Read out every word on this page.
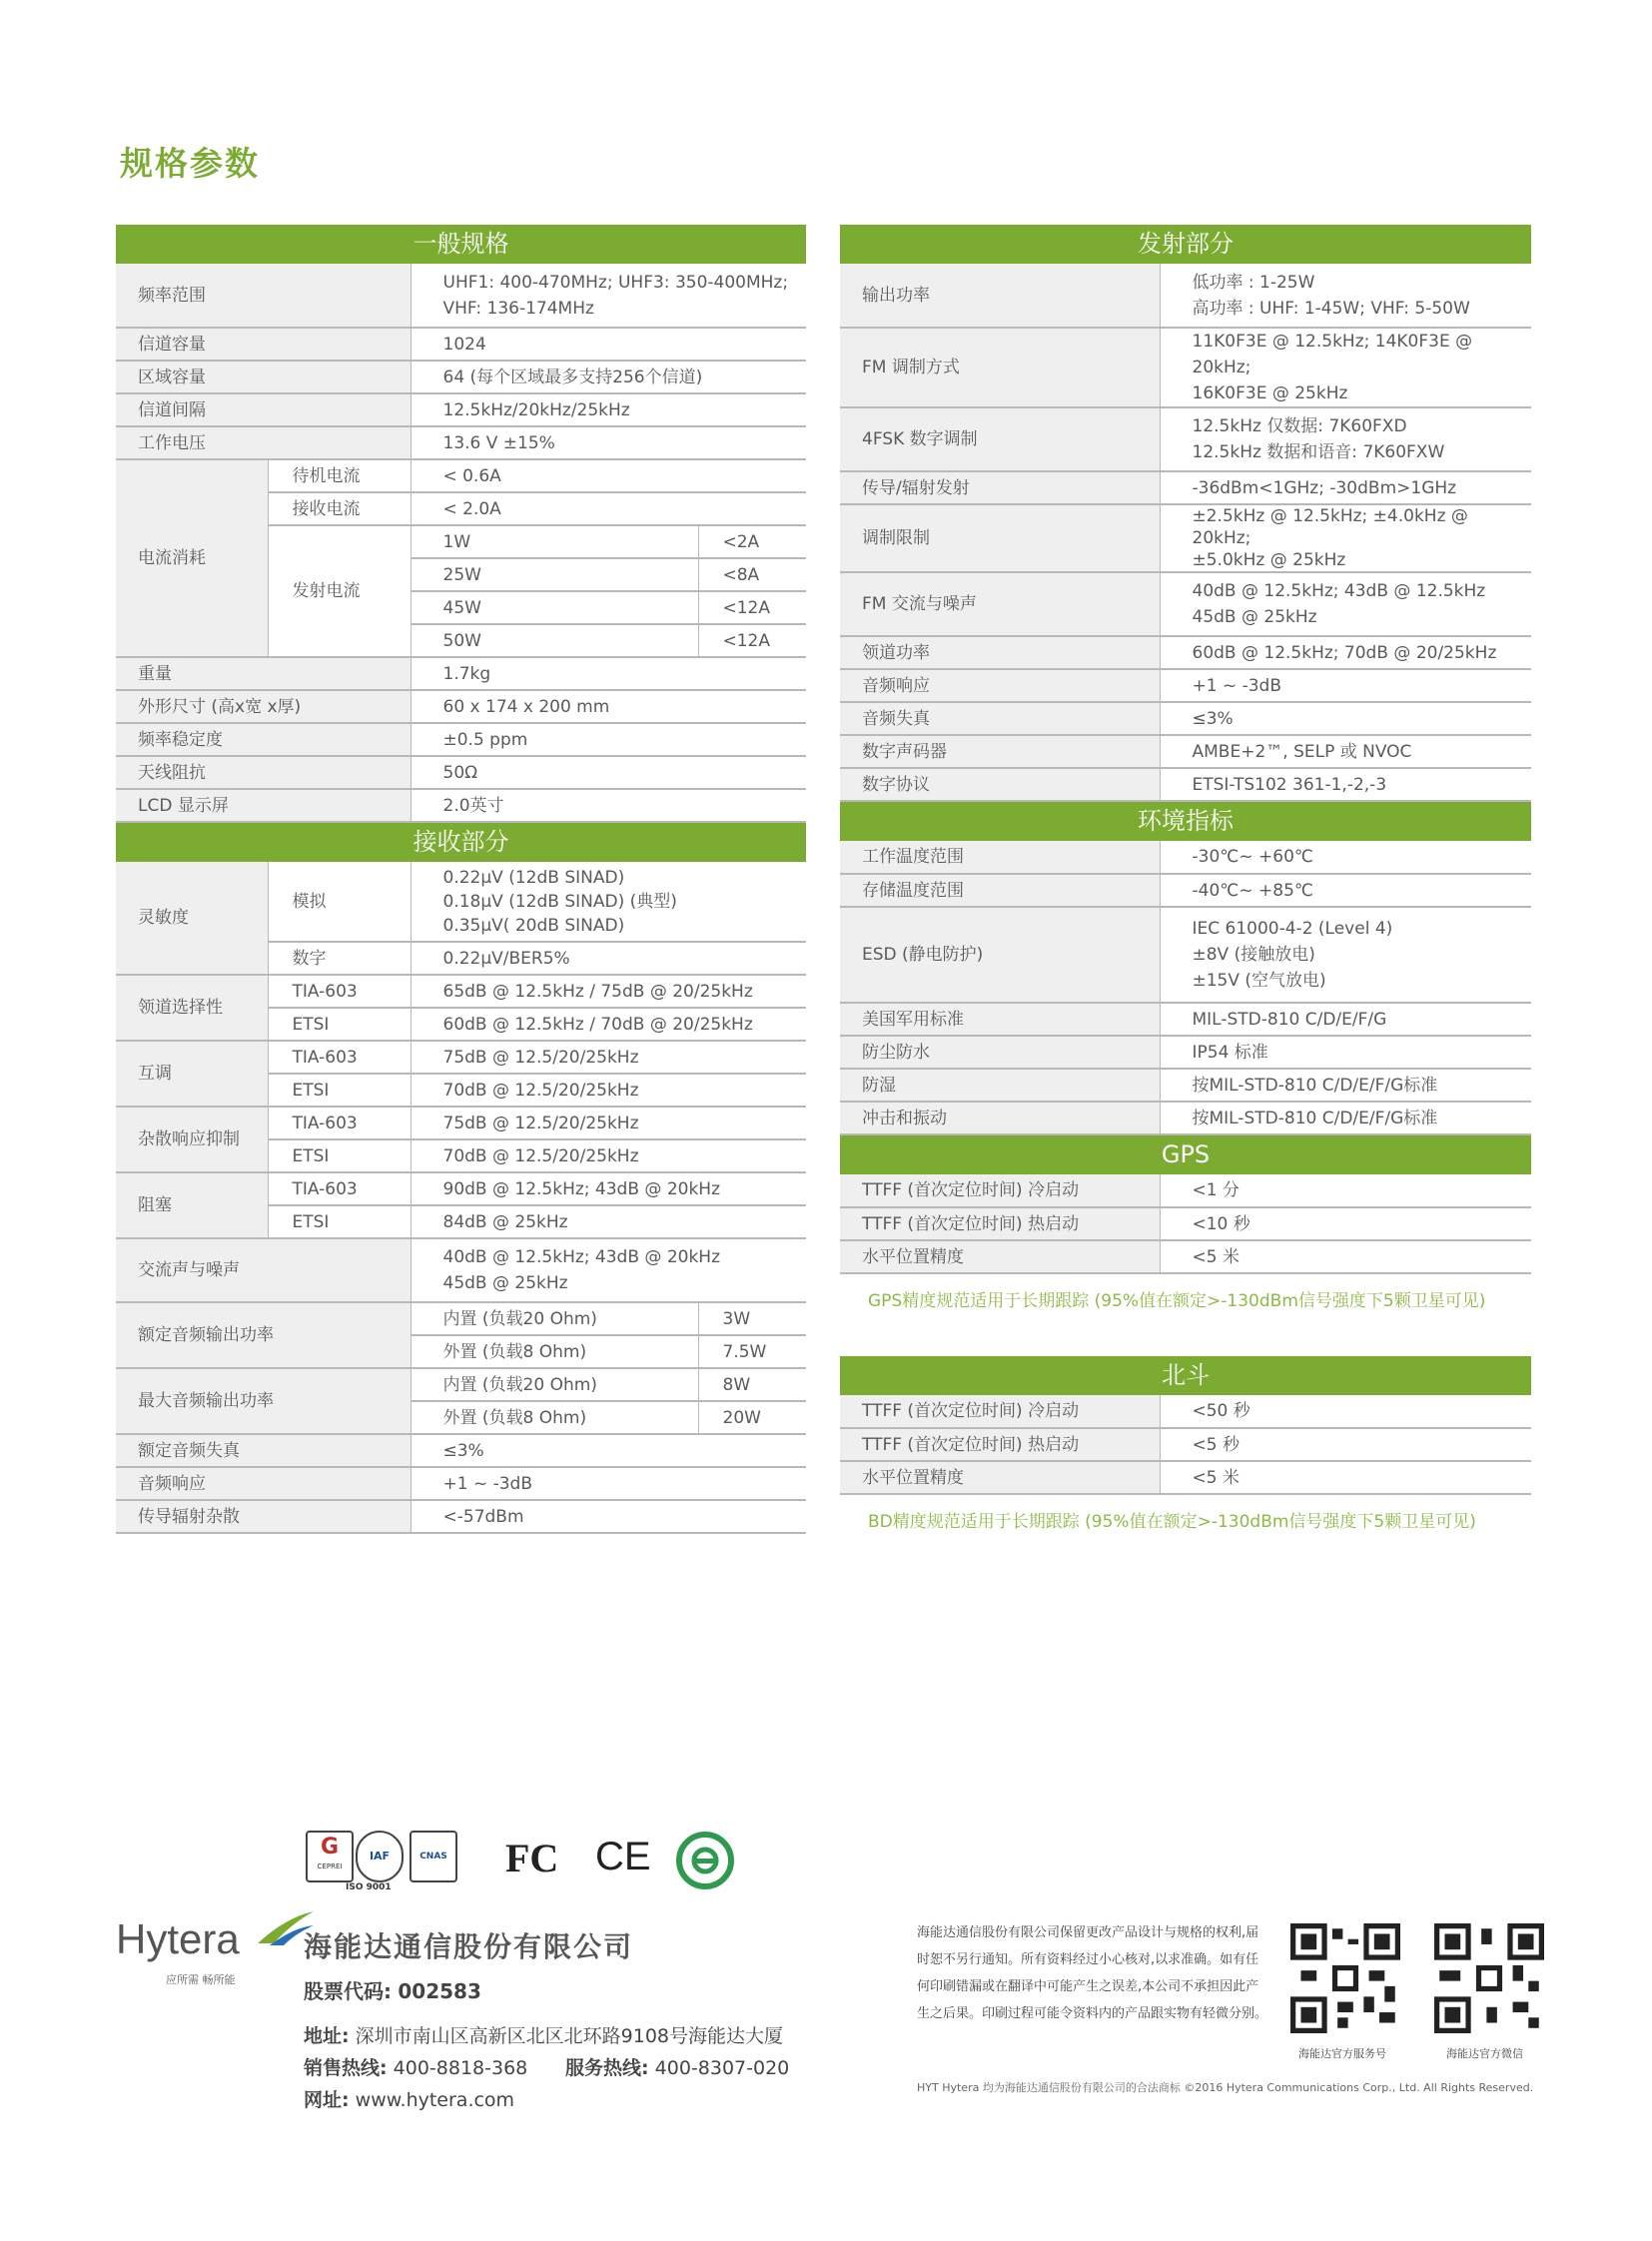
规格参数
一般规格			
频率范围		UHF1: 400-470MHz; UHF3: 350-400MHz;
VHF: 136-174MHz	

信道容量		1024	
区域容量		64 (每个区域最多支持256个信道)	
信道间隔		12.5kHz/20kHz/25kHz	
工作电压		13.6 V ±15%	
电流消耗	待机电流	< 0.6A	
	接收电流	< 2.0A	
	发射电流	1W	<2A
		25W	<8A
		45W	<12A
		50W	<12A
重量		1.7kg	
外形尺寸 (高x宽 x厚)		60 x 174 x 200 mm	
频率稳定度		±0.5 ppm	
天线阻抗		50Ω	
LCD 显示屏		2.0英寸	
接收部分			
灵敏度	模拟	0.22μV (12dB SINAD)
0.18μV (12dB SINAD) (典型)
0.35μV( 20dB SINAD)	

	数字	0.22μV/BER5%	
领道选择性	TIA-603	65dB @ 12.5kHz / 75dB @ 20/25kHz	
	ETSI	60dB @ 12.5kHz / 70dB @ 20/25kHz	
互调	TIA-603	75dB @ 12.5/20/25kHz	
	ETSI	70dB @ 12.5/20/25kHz	
杂散响应抑制	TIA-603	75dB @ 12.5/20/25kHz	
	ETSI	70dB @ 12.5/20/25kHz	
阻塞	TIA-603	90dB @ 12.5kHz; 43dB @ 20kHz	
	ETSI	84dB @ 25kHz	
交流声与噪声		40dB @ 12.5kHz; 43dB @ 20kHz
45dB @ 25kHz	

额定音频输出功率		内置 (负载20 Ohm)	3W
		外置 (负载8 Ohm)	7.5W
最大音频输出功率		内置 (负载20 Ohm)	8W
		外置 (负载8 Ohm)	20W
额定音频失真		≤3%	
音频响应		+1 ~ -3dB	
传导辐射杂散		<-57dBm	
发射部分	
输出功率	低功率 : 1-25W
高功率 : UHF: 1-45W; VHF: 5-50W

FM 调制方式	11K0F3E @ 12.5kHz; 14K0F3E @ 20kHz;
16K0F3E @ 25kHz

4FSK 数字调制	12.5kHz 仅数据: 7K60FXD
12.5kHz 数据和语音: 7K60FXW

传导/辐射发射	-36dBm<1GHz; -30dBm>1GHz
调制限制	±2.5kHz @ 12.5kHz; ±4.0kHz @ 20kHz;
±5.0kHz @ 25kHz

FM 交流与噪声	40dB @ 12.5kHz; 43dB @ 12.5kHz
45dB @ 25kHz

领道功率	60dB @ 12.5kHz; 70dB @ 20/25kHz
音频响应	+1 ~ -3dB
音频失真	≤3%
数字声码器	AMBE+2™, SELP 或 NVOC
数字协议	ETSI-TS102 361-1,-2,-3
环境指标	
工作温度范围	-30℃~ +60℃
存储温度范围	-40℃~ +85℃
ESD (静电防护)	IEC 61000-4-2 (Level 4)
±8V (接触放电)
±15V (空气放电)

美国军用标准	MIL-STD-810 C/D/E/F/G
防尘防水	IP54 标准
防湿	按MIL-STD-810 C/D/E/F/G标准
冲击和振动	按MIL-STD-810 C/D/E/F/G标准
GPS	
TTFF (首次定位时间) 冷启动	<1 分
TTFF (首次定位时间) 热启动	<10 秒
水平位置精度	<5 米
GPS精度规范适用于长期跟踪 (95%值在额定>-130dBm信号强度下5颗卫星可见)
北斗	
TTFF (首次定位时间) 冷启动	<50 秒
TTFF (首次定位时间) 热启动	<5 秒
水平位置精度	<5 米
BD精度规范适用于长期跟踪 (95%值在额定>-130dBm信号强度下5颗卫星可见)
G
CEPREI
IAF	CNAS
ISO 9001
FC CE
Hytera
应所需 畅所能
海能达通信股份有限公司
股票代码: 002583
地址: 深圳市南山区高新区北区北环路9108号海能达大厦
销售热线: 400-8818-368 服务热线: 400-8307-020
网址: www.hytera.com
海能达通信股份有限公司保留更改产品设计与规格的权利,届时恕不另行通知。所有资料经过小心核对,以求准确。如有任何印刷错漏或在翻译中可能产生之误差,本公司不承担因此产生之后果。印刷过程可能令资料内的产品跟实物有轻微分别。
海能达官方服务号	海能达官方微信
HYT Hytera 均为海能达通信股份有限公司的合法商标 ©2016 Hytera Communications Corp., Ltd. All Rights Reserved.
